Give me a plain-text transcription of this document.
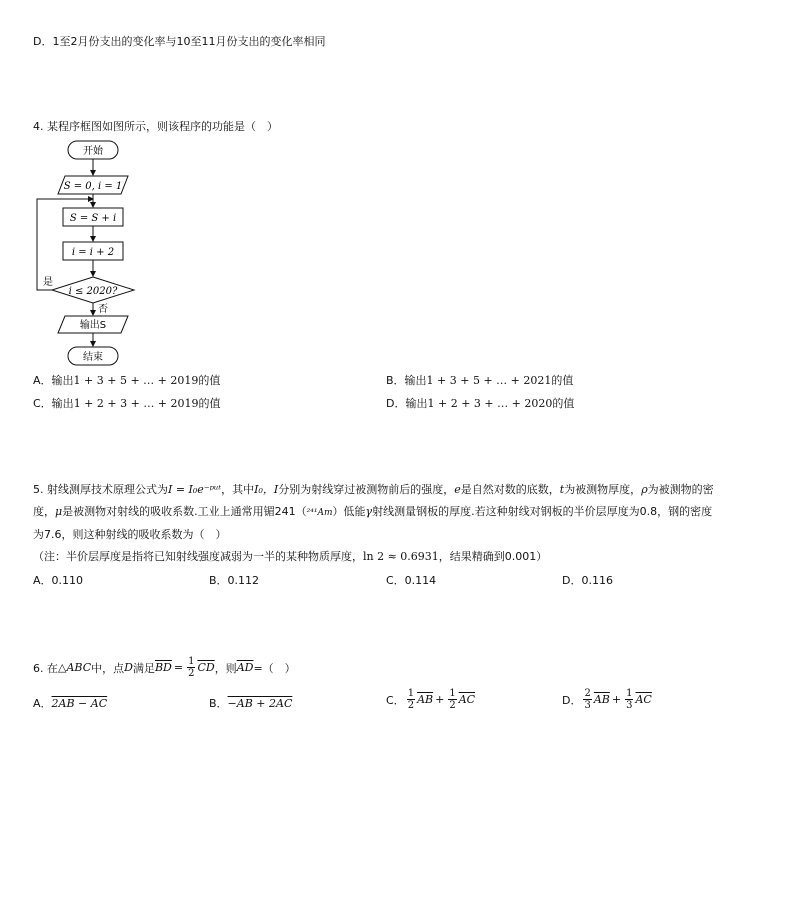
D．1至2月份支出的变化率与10至11月份支出的变化率相同
4. 某程序框图如图所示，则该程序的功能是（　）
开始
S = 0, i = 1
S = S + i
i = i + 2
i ≤ 2020?
是
否
输出S
结束
A．输出1 + 3 + 5 + … + 2019的值	B．输出1 + 3 + 5 + … + 2021的值
C．输出1 + 2 + 3 + … + 2019的值	D．输出1 + 2 + 3 + … + 2020的值
5. 射线测厚技术原理公式为I = I₀e⁻ᵖᵘᵗ，其中I₀，I分别为射线穿过被测物前后的强度，e是自然对数的底数，t为被测物厚度，ρ为被测物的密
度，μ是被测物对射线的吸收系数.工业上通常用镅241（²⁴¹Am）低能γ射线测量钢板的厚度.若这种射线对钢板的半价层厚度为0.8，钢的密度
为7.6，则这种射线的吸收系数为（　）
（注：半价层厚度是指将已知射线强度减弱为一半的某种物质厚度，ln 2 ≈ 0.6931，结果精确到0.001）
A．0.110	B．0.112	C．0.114	D．0.116
6. 在 △ABC 中，点 D 满足 $\overline{BD} = \frac{1}{2} \overline{CD}$ ，则 $\overline{AD}$ =（　）
A．2AB − AC	B．−AB + 2AC	C． $\frac{1}{2} \overline{AB} + \frac{1}{2} \overline{AC}$	D． $\frac{2}{3} \overline{AB} + \frac{1}{3} \overline{AC}$
